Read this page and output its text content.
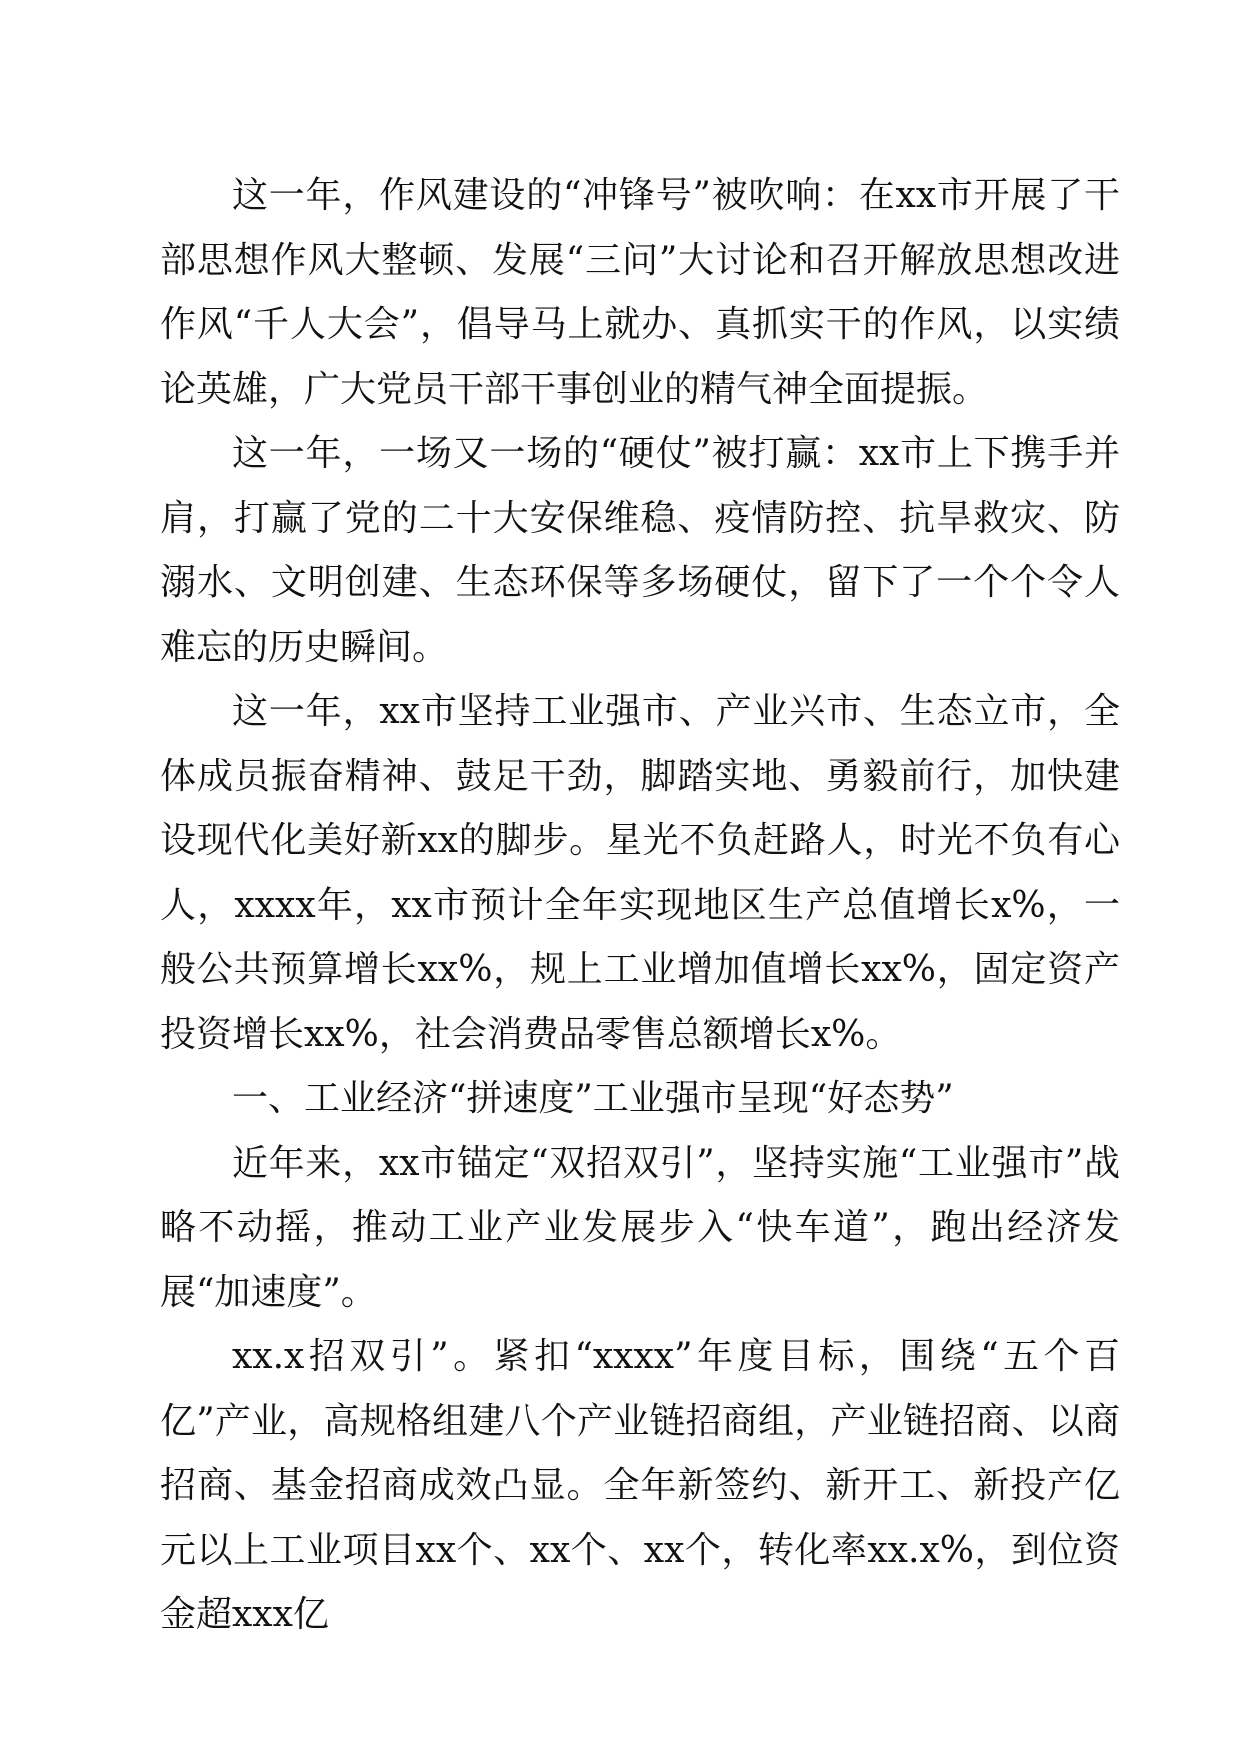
这一年，作风建设的“冲锋号”被吹响：在xx市开展了干部思想作风大整顿、发展“三问”大讨论和召开解放思想改进作风“千人大会”，倡导马上就办、真抓实干的作风，以实绩论英雄，广大党员干部干事创业的精气神全面提振。

这一年，一场又一场的“硬仗”被打赢：xx市上下携手并肩，打赢了党的二十大安保维稳、疫情防控、抗旱救灾、防溺水、文明创建、生态环保等多场硬仗，留下了一个个令人难忘的历史瞬间。

这一年，xx市坚持工业强市、产业兴市、生态立市，全体成员振奋精神、鼓足干劲，脚踏实地、勇毅前行，加快建设现代化美好新xx的脚步。星光不负赶路人，时光不负有心人，xxxx年，xx市预计全年实现地区生产总值增长x%，一般公共预算增长xx%，规上工业增加值增长xx%，固定资产投资增长xx%，社会消费品零售总额增长x%。

一、工业经济“拼速度”工业强市呈现“好态势”

近年来，xx市锚定“双招双引”，坚持实施“工业强市”战略不动摇，推动工业产业发展步入“快车道”，跑出经济发展“加速度”。

xx.x招双引”。紧扣“xxxx”年度目标，围绕“五个百亿”产业，高规格组建八个产业链招商组，产业链招商、以商招商、基金招商成效凸显。全年新签约、新开工、新投产亿元以上工业项目xx个、xx个、xx个，转化率xx.x%，到位资金超xxx亿
